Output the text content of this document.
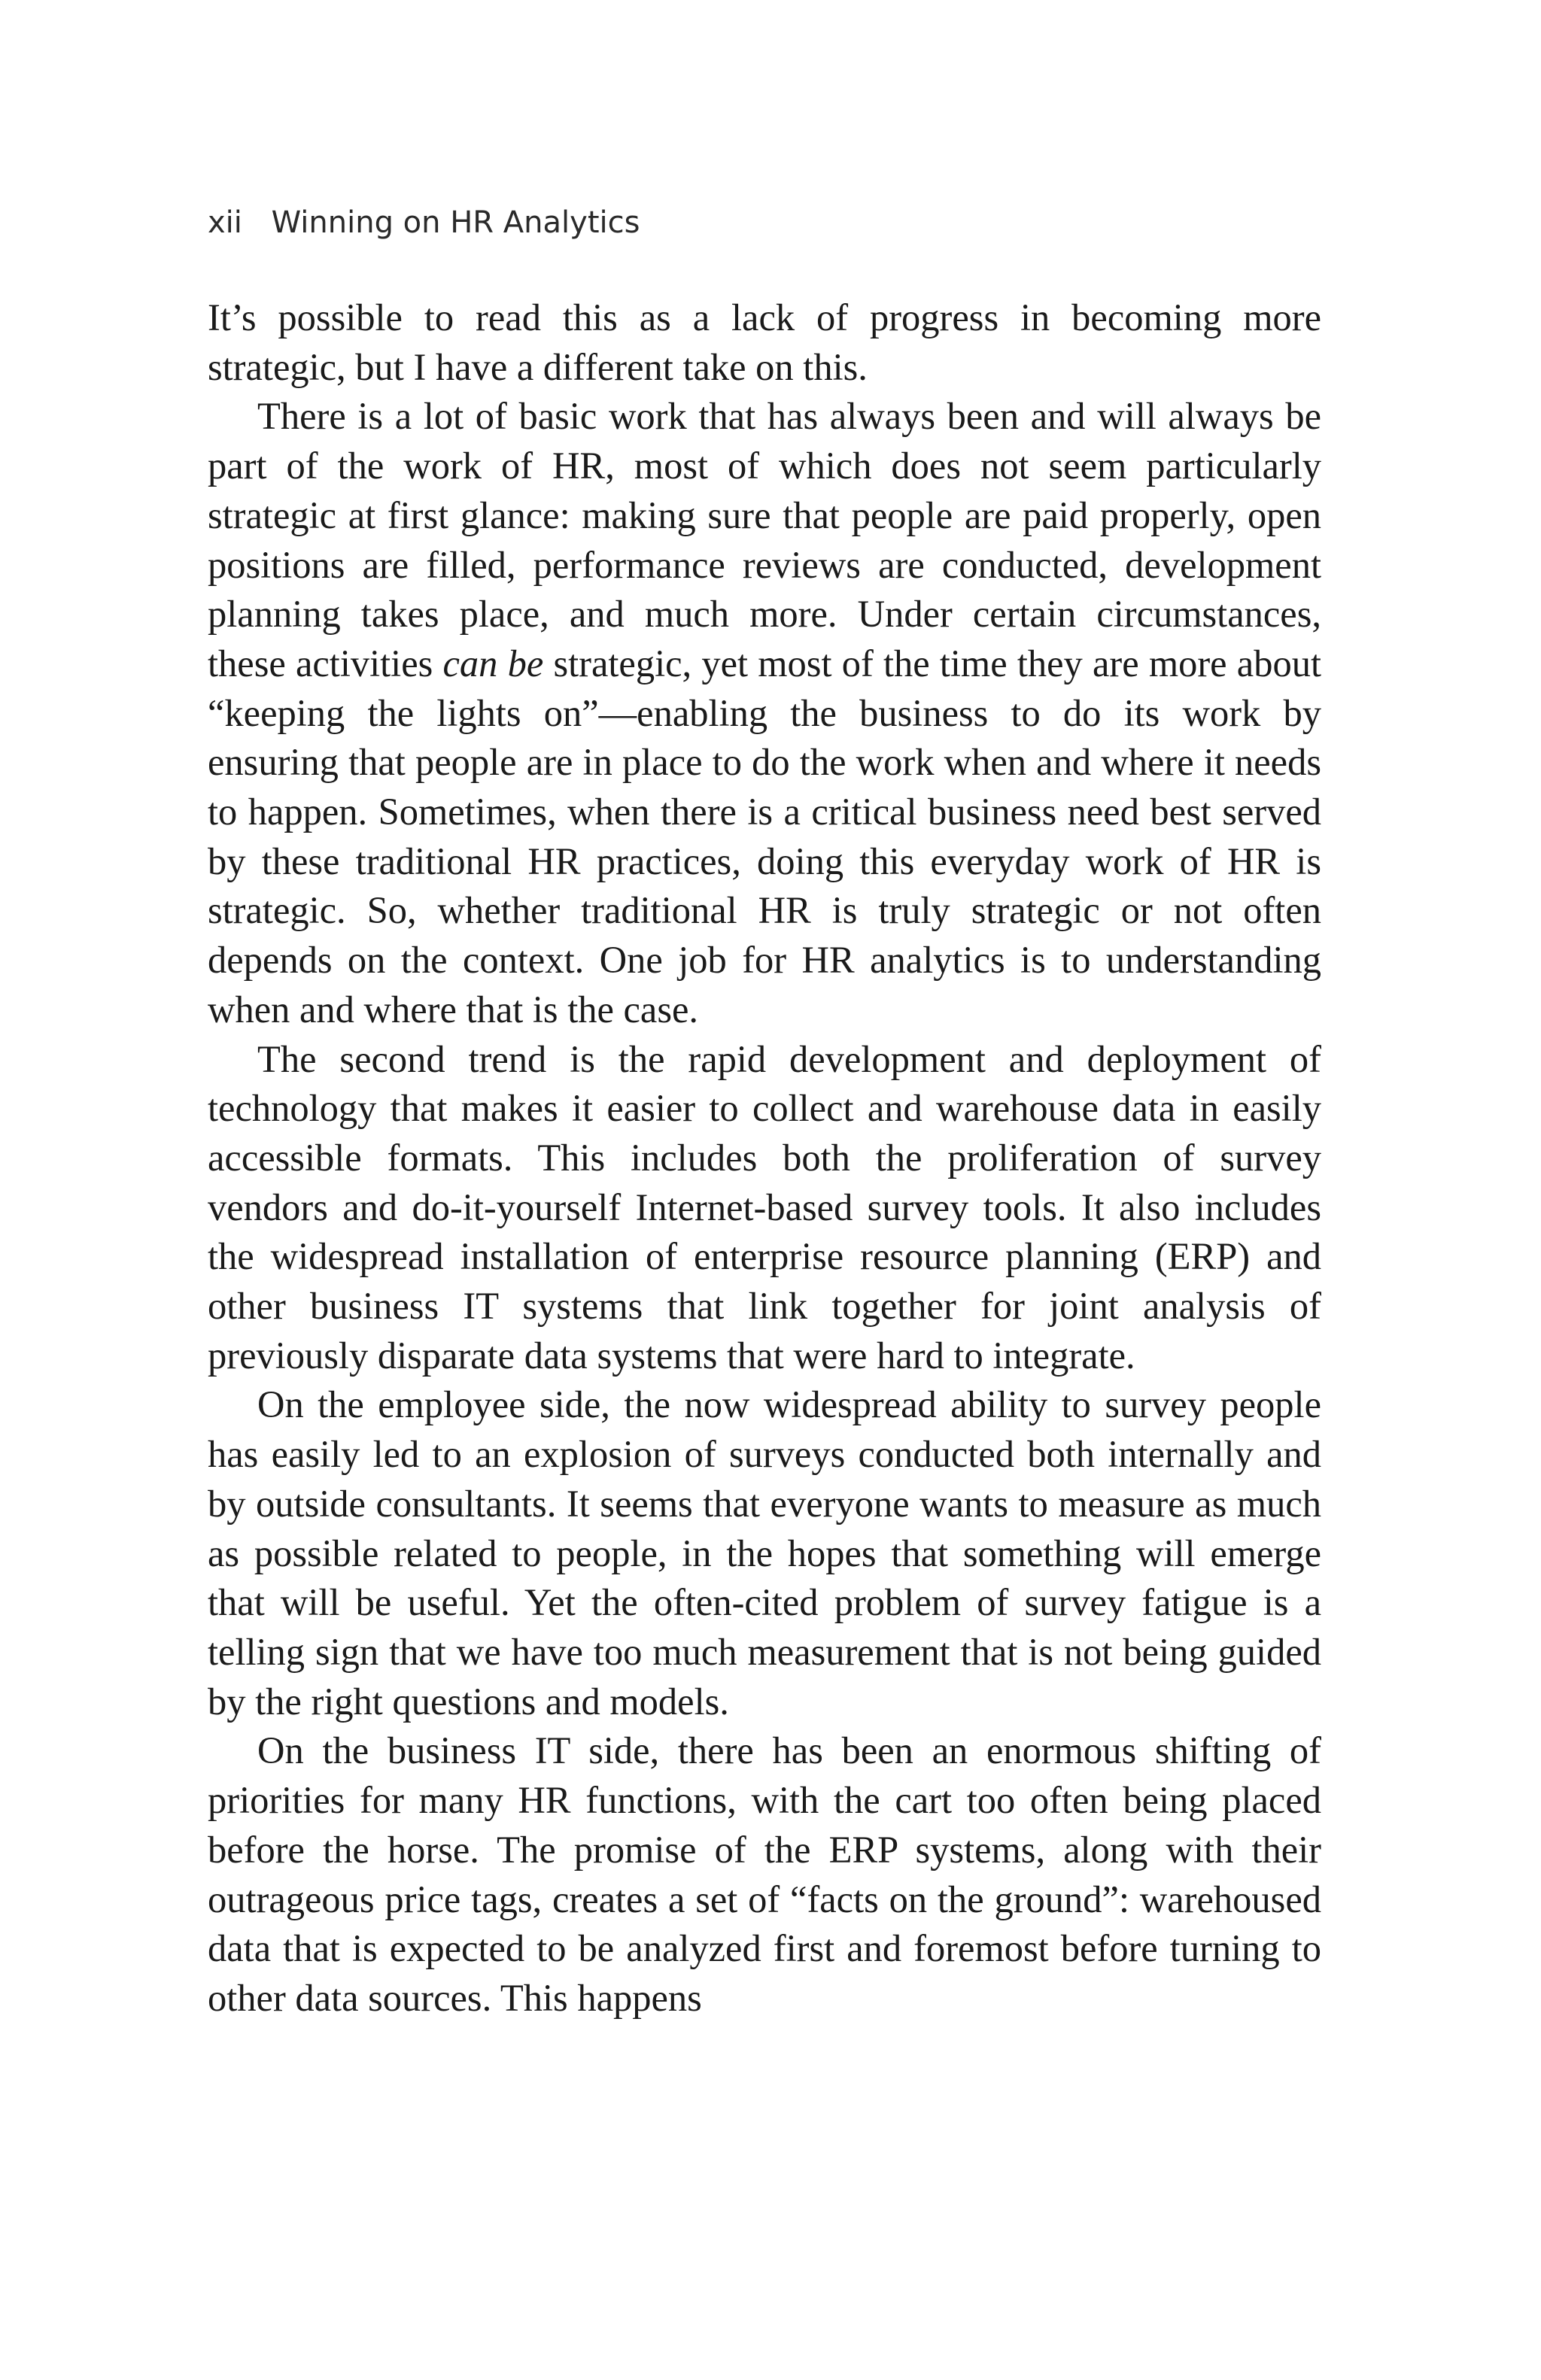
xii Winning on HR Analytics

It’s possible to read this as a lack of progress in becoming more strategic, but I have a different take on this.

There is a lot of basic work that has always been and will always be part of the work of HR, most of which does not seem particularly strategic at first glance: making sure that people are paid properly, open positions are filled, performance reviews are conducted, development planning takes place, and much more. Under certain circumstances, these activities can be strategic, yet most of the time they are more about “keeping the lights on”—enabling the business to do its work by ensuring that people are in place to do the work when and where it needs to happen. Sometimes, when there is a critical business need best served by these traditional HR practices, doing this everyday work of HR is strategic. So, whether traditional HR is truly strategic or not often depends on the context. One job for HR analytics is to understanding when and where that is the case.

The second trend is the rapid development and deployment of technology that makes it easier to collect and warehouse data in easily accessible formats. This includes both the proliferation of survey vendors and do-it-yourself Internet-based survey tools. It also includes the widespread installation of enterprise resource planning (ERP) and other business IT systems that link together for joint analysis of previously disparate data systems that were hard to integrate.

On the employee side, the now widespread ability to survey people has easily led to an explosion of surveys conducted both internally and by outside consultants. It seems that everyone wants to measure as much as possible related to people, in the hopes that something will emerge that will be useful. Yet the often-cited problem of survey fatigue is a telling sign that we have too much measurement that is not being guided by the right questions and models.

On the business IT side, there has been an enormous shifting of priorities for many HR functions, with the cart too often being placed before the horse. The promise of the ERP systems, along with their outrageous price tags, creates a set of “facts on the ground”: warehoused data that is expected to be analyzed first and foremost before turning to other data sources. This happens
